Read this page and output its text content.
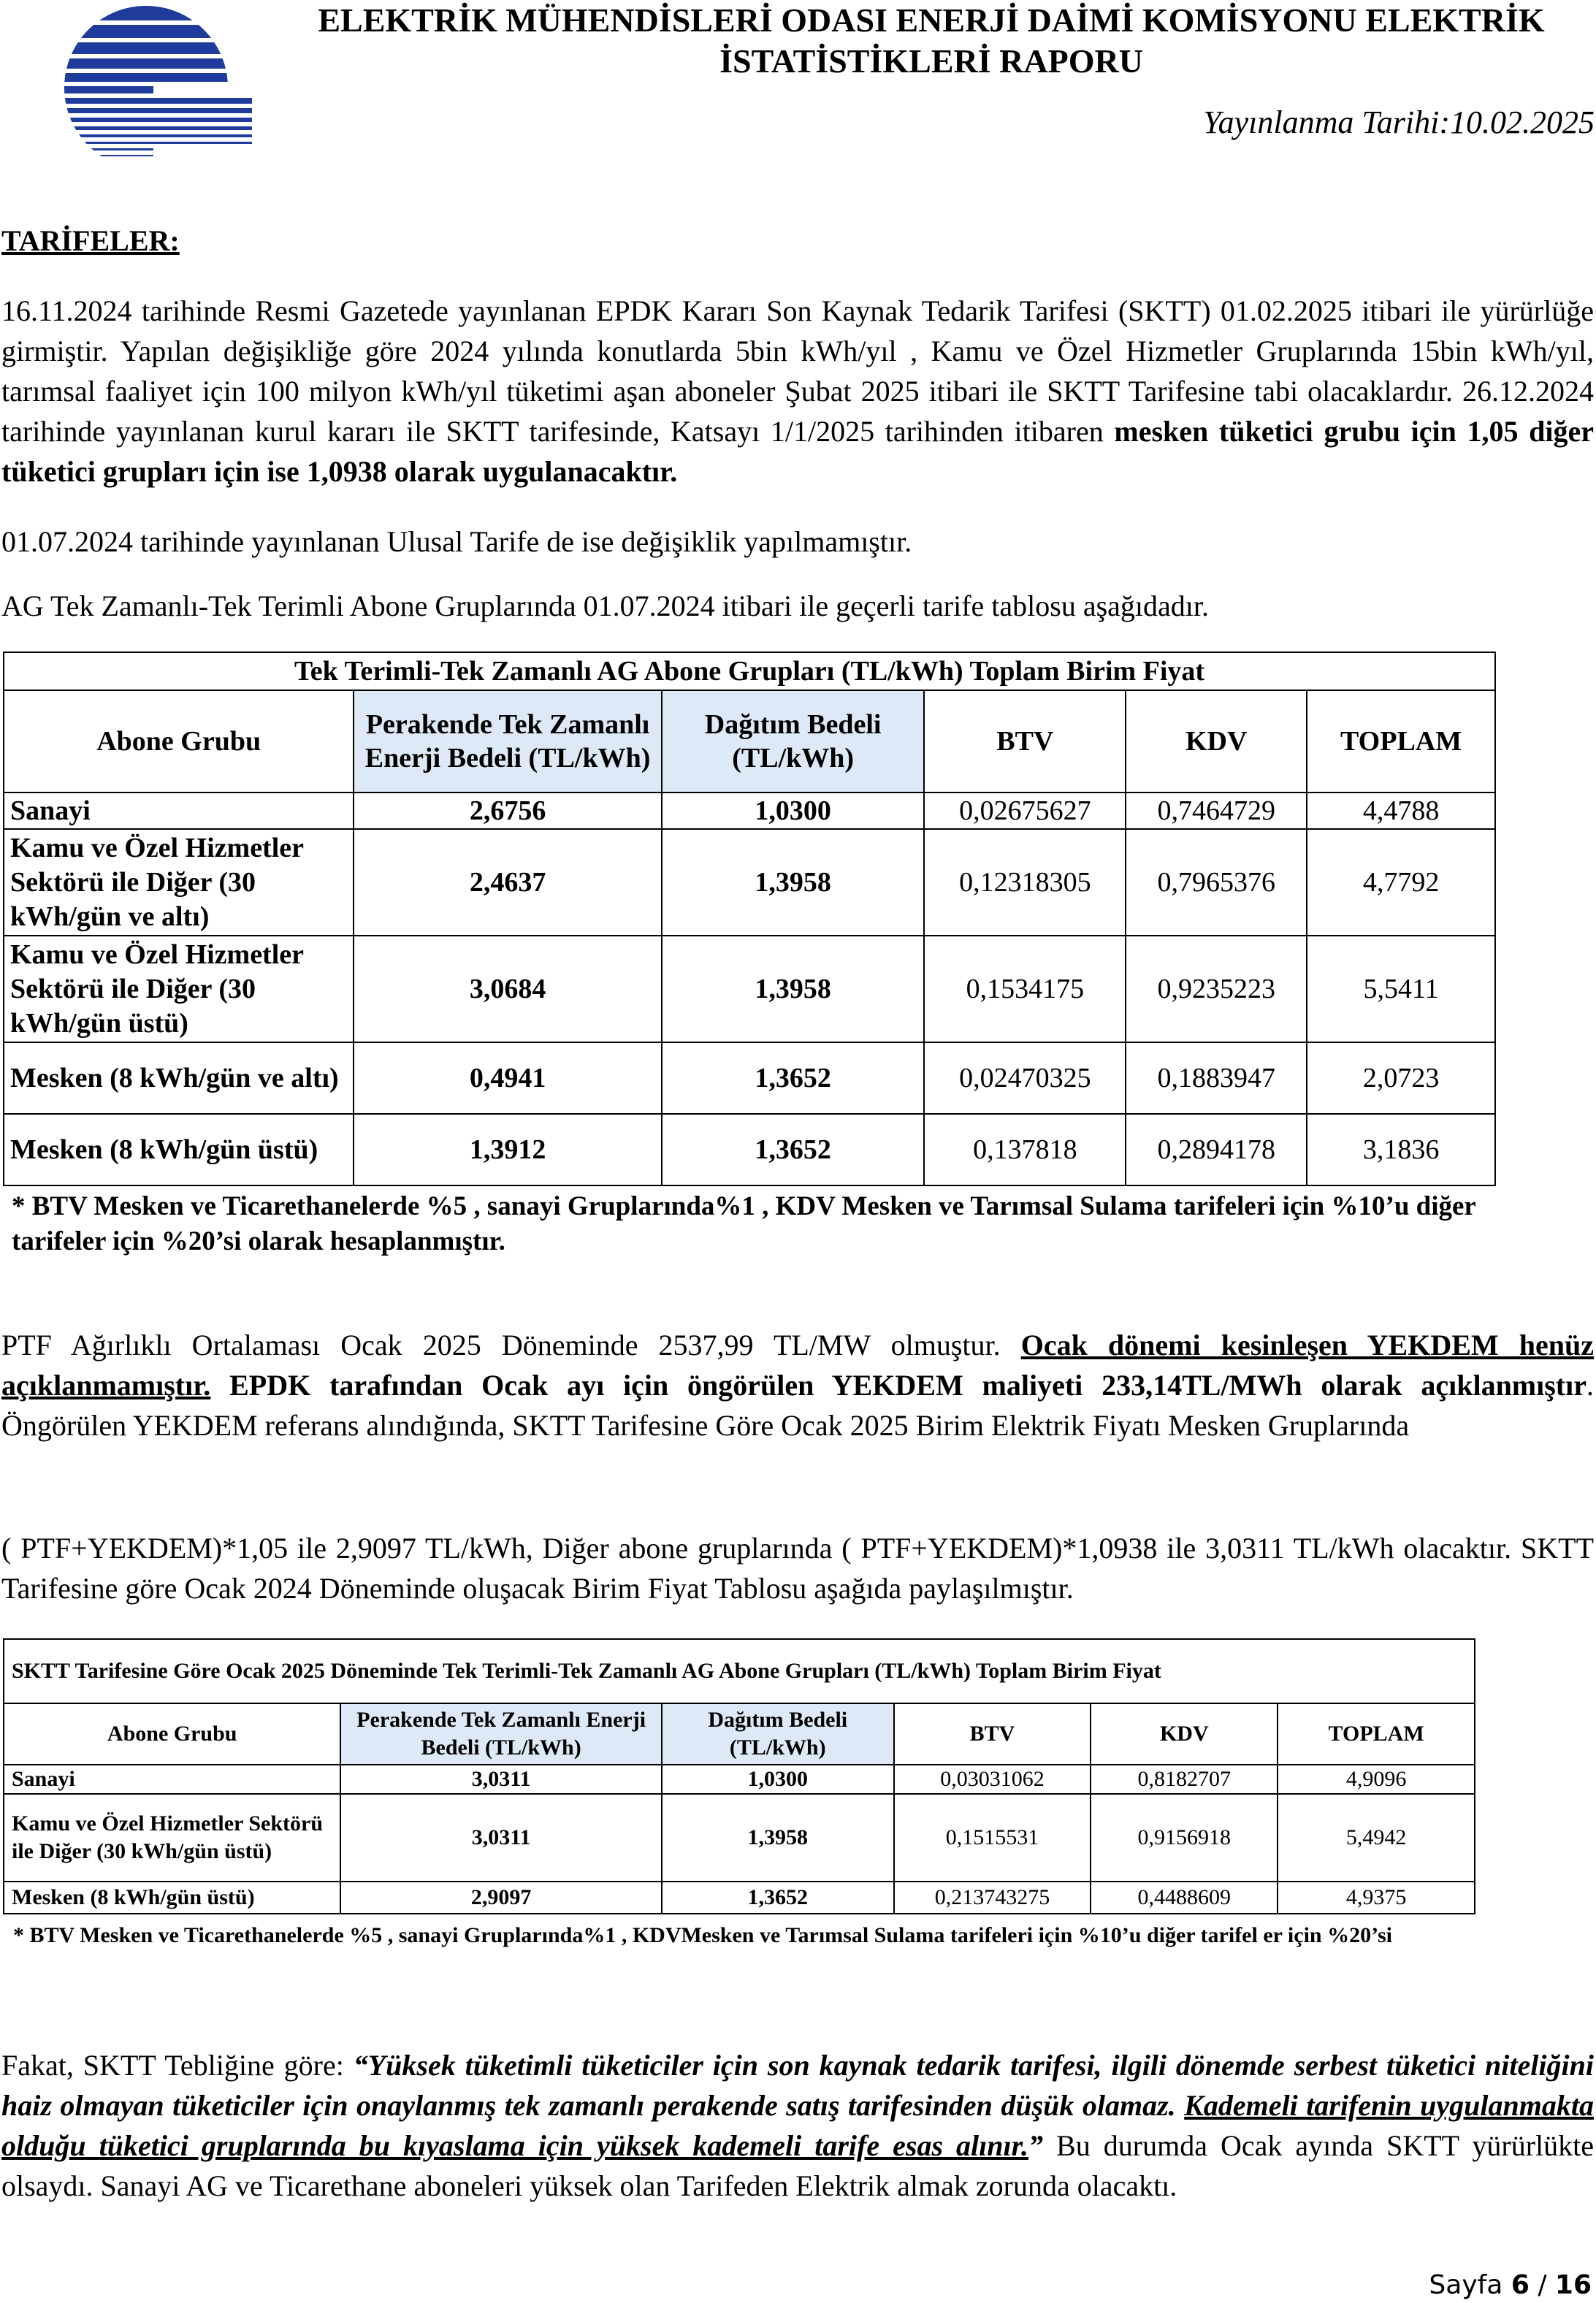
ELEKTRİK MÜHENDİSLERİ ODASI ENERJİ DAİMİ KOMİSYONU ELEKTRİK İSTATİSTİKLERİ RAPORU
Yayınlanma Tarihi:10.02.2025
TARİFELER:
16.11.2024 tarihinde Resmi Gazetede yayınlanan EPDK Kararı Son Kaynak Tedarik Tarifesi (SKTT) 01.02.2025 itibari ile yürürlüğe girmiştir. Yapılan değişikliğe göre 2024 yılında konutlarda 5bin kWh/yıl , Kamu ve Özel Hizmetler Gruplarında 15bin kWh/yıl, tarımsal faaliyet için 100 milyon kWh/yıl tüketimi aşan aboneler Şubat 2025 itibari ile SKTT Tarifesine tabi olacaklardır. 26.12.2024 tarihinde yayınlanan kurul kararı ile SKTT tarifesinde, Katsayı 1/1/2025 tarihinden itibaren mesken tüketici grubu için 1,05 diğer tüketici grupları için ise 1,0938 olarak uygulanacaktır.
01.07.2024 tarihinde yayınlanan Ulusal Tarife de ise değişiklik yapılmamıştır.
AG Tek Zamanlı-Tek Terimli Abone Gruplarında 01.07.2024 itibari ile geçerli tarife tablosu aşağıdadır.
Tek Terimli-Tek Zamanlı AG Abone Grupları (TL/kWh) Toplam Birim Fiyat					
Abone Grubu	Perakende Tek Zamanlı Enerji Bedeli (TL/kWh)	Dağıtım Bedeli (TL/kWh)	BTV	KDV	TOPLAM
Sanayi	2,6756	1,0300	0,02675627	0,7464729	4,4788
Kamu ve Özel Hizmetler Sektörü ile Diğer (30 kWh/gün ve altı)	2,4637	1,3958	0,12318305	0,7965376	4,7792
Kamu ve Özel Hizmetler Sektörü ile Diğer (30 kWh/gün üstü)	3,0684	1,3958	0,1534175	0,9235223	5,5411
Mesken (8 kWh/gün ve altı)	0,4941	1,3652	0,02470325	0,1883947	2,0723
Mesken (8 kWh/gün üstü)	1,3912	1,3652	0,137818	0,2894178	3,1836
* BTV Mesken ve Ticarethanelerde %5 , sanayi Gruplarında%1 , KDV Mesken ve Tarımsal Sulama tarifeleri için %10’u diğer tarifeler için %20’si olarak hesaplanmıştır.
PTF Ağırlıklı Ortalaması Ocak 2025 Döneminde 2537,99 TL/MW olmuştur. Ocak dönemi kesinleşen YEKDEM henüz açıklanmamıştır. EPDK tarafından Ocak ayı için öngörülen YEKDEM maliyeti 233,14TL/MWh olarak açıklanmıştır. Öngörülen YEKDEM referans alındığında, SKTT Tarifesine Göre Ocak 2025 Birim Elektrik Fiyatı Mesken Gruplarında
( PTF+YEKDEM)*1,05 ile 2,9097 TL/kWh, Diğer abone gruplarında ( PTF+YEKDEM)*1,0938 ile 3,0311 TL/kWh olacaktır. SKTT Tarifesine göre Ocak 2024 Döneminde oluşacak Birim Fiyat Tablosu aşağıda paylaşılmıştır.
SKTT Tarifesine Göre Ocak 2025 Döneminde Tek Terimli-Tek Zamanlı AG Abone Grupları (TL/kWh) Toplam Birim Fiyat					
Abone Grubu	Perakende Tek Zamanlı Enerji Bedeli (TL/kWh)	Dağıtım Bedeli (TL/kWh)	BTV	KDV	TOPLAM
Sanayi	3,0311	1,0300	0,03031062	0,8182707	4,9096
Kamu ve Özel Hizmetler Sektörü ile Diğer (30 kWh/gün üstü)	3,0311	1,3958	0,1515531	0,9156918	5,4942
Mesken (8 kWh/gün üstü)	2,9097	1,3652	0,213743275	0,4488609	4,9375
* BTV Mesken ve Ticarethanelerde %5 , sanayi Gruplarında%1 , KDVMesken ve Tarımsal Sulama tarifeleri için %10’u diğer tarifel er için %20’si
Fakat, SKTT Tebliğine göre: “Yüksek tüketimli tüketiciler için son kaynak tedarik tarifesi, ilgili dönemde serbest tüketici niteliğini haiz olmayan tüketiciler için onaylanmış tek zamanlı perakende satış tarifesinden düşük olamaz. Kademeli tarifenin uygulanmakta olduğu tüketici gruplarında bu kıyaslama için yüksek kademeli tarife esas alınır.” Bu durumda Ocak ayında SKTT yürürlükte olsaydı. Sanayi AG ve Ticarethane aboneleri yüksek olan Tarifeden Elektrik almak zorunda olacaktı.
Sayfa 6 / 16
